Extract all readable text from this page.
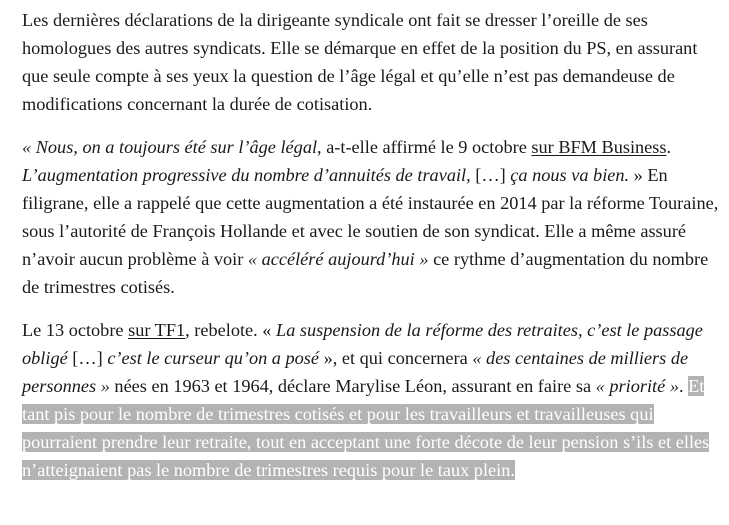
Les dernières déclarations de la dirigeante syndicale ont fait se dresser l’oreille de ses homologues des autres syndicats. Elle se démarque en effet de la position du PS, en assurant que seule compte à ses yeux la question de l’âge légal et qu’elle n’est pas demandeuse de modifications concernant la durée de cotisation.

« Nous, on a toujours été sur l’âge légal, a-t-elle affirmé le 9 octobre sur BFM Business. L’augmentation progressive du nombre d’annuités de travail, […] ça nous va bien. » En filigrane, elle a rappelé que cette augmentation a été instaurée en 2014 par la réforme Touraine, sous l’autorité de François Hollande et avec le soutien de son syndicat. Elle a même assuré n’avoir aucun problème à voir « accéléré aujourd’hui » ce rythme d’augmentation du nombre de trimestres cotisés.

Le 13 octobre sur TF1, rebelote. « La suspension de la réforme des retraites, c’est le passage obligé […] c’est le curseur qu’on a posé », et qui concernera « des centaines de milliers de personnes » nées en 1963 et 1964, déclare Marylise Léon, assurant en faire sa « priorité ». Et tant pis pour le nombre de trimestres cotisés et pour les travailleurs et travailleuses qui pourraient prendre leur retraite, tout en acceptant une forte décote de leur pension s’ils et elles n’atteignaient pas le nombre de trimestres requis pour le taux plein.
